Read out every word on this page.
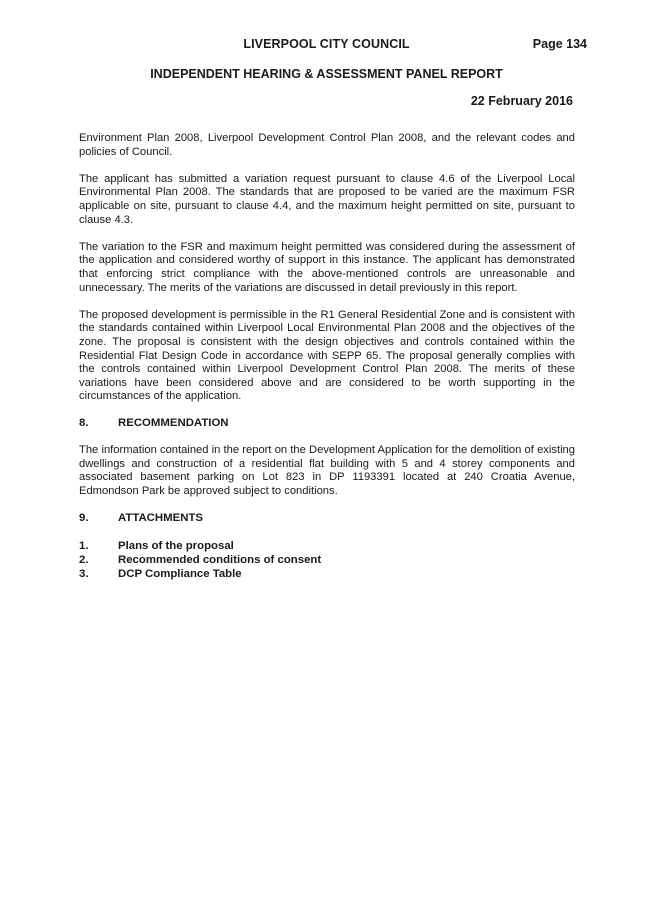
LIVERPOOL CITY COUNCIL	Page 134
INDEPENDENT HEARING & ASSESSMENT PANEL REPORT
22 February 2016

Environment Plan 2008, Liverpool Development Control Plan 2008, and the relevant codes and policies of Council.

The applicant has submitted a variation request pursuant to clause 4.6 of the Liverpool Local Environmental Plan 2008. The standards that are proposed to be varied are the maximum FSR applicable on site, pursuant to clause 4.4, and the maximum height permitted on site, pursuant to clause 4.3.

The variation to the FSR and maximum height permitted was considered during the assessment of the application and considered worthy of support in this instance. The applicant has demonstrated that enforcing strict compliance with the above-mentioned controls are unreasonable and unnecessary. The merits of the variations are discussed in detail previously in this report.

The proposed development is permissible in the R1 General Residential Zone and is consistent with the standards contained within Liverpool Local Environmental Plan 2008 and the objectives of the zone. The proposal is consistent with the design objectives and controls contained within the Residential Flat Design Code in accordance with SEPP 65. The proposal generally complies with the controls contained within Liverpool Development Control Plan 2008. The merits of these variations have been considered above and are considered to be worth supporting in the circumstances of the application.

8.	RECOMMENDATION

The information contained in the report on the Development Application for the demolition of existing dwellings and construction of a residential flat building with 5 and 4 storey components and associated basement parking on Lot 823 in DP 1193391 located at 240 Croatia Avenue, Edmondson Park be approved subject to conditions.

9.	ATTACHMENTS
1.	Plans of the proposal
2.	Recommended conditions of consent
3.	DCP Compliance Table
